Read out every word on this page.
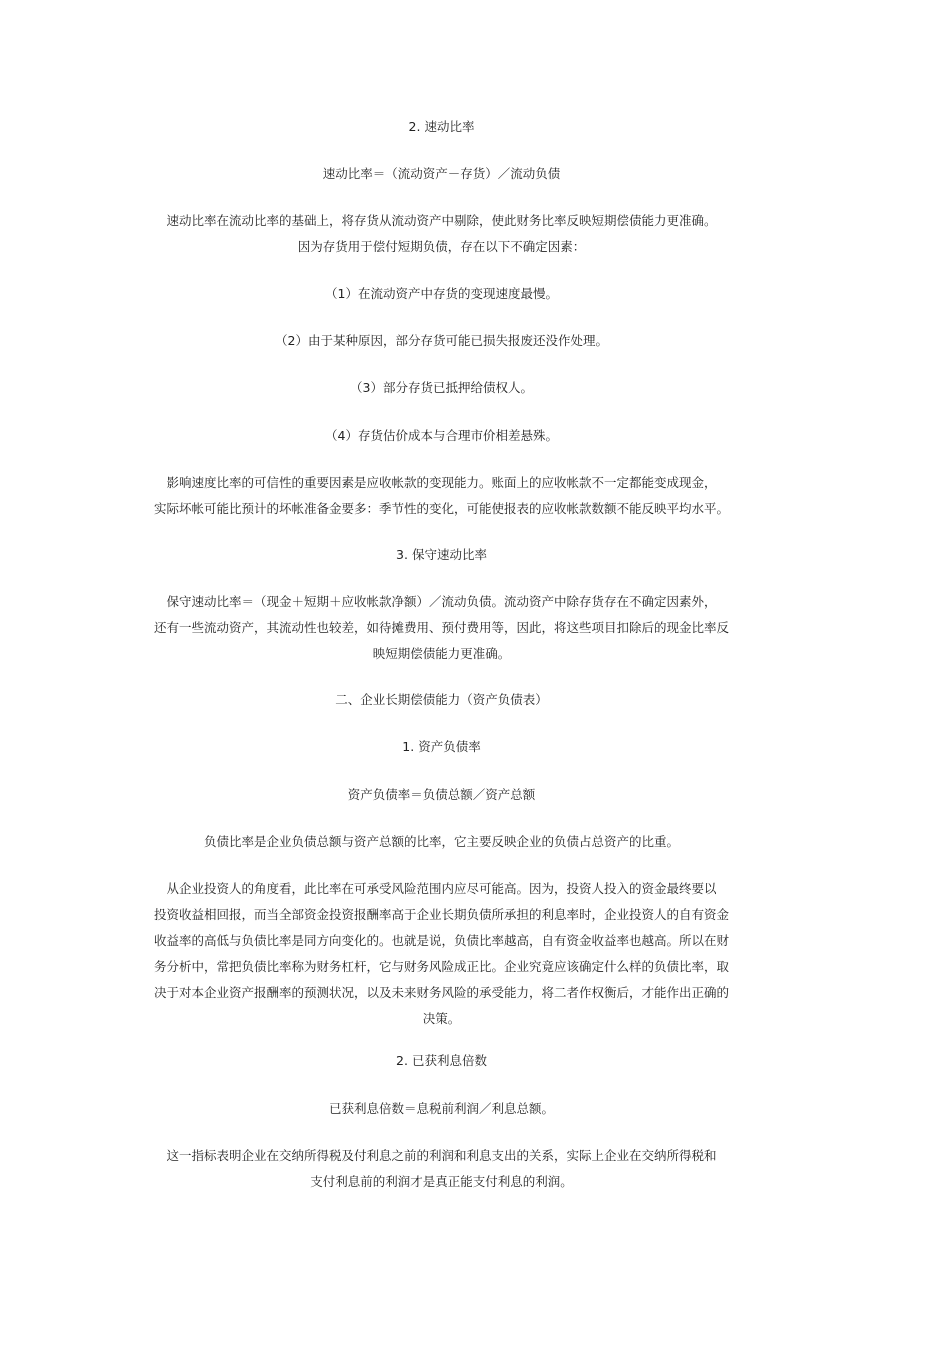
2. 速动比率
速动比率＝（流动资产－存货）／流动负债
速动比率在流动比率的基础上，将存货从流动资产中剔除，使此财务比率反映短期偿债能力更准确。
因为存货用于偿付短期负债，存在以下不确定因素：
（1）在流动资产中存货的变现速度最慢。
（2）由于某种原因，部分存货可能已损失报废还没作处理。
（3）部分存货已抵押给债权人。
（4）存货估价成本与合理市价相差悬殊。
影响速度比率的可信性的重要因素是应收帐款的变现能力。账面上的应收帐款不一定都能变成现金，
实际坏帐可能比预计的坏帐准备金要多：季节性的变化，可能使报表的应收帐款数额不能反映平均水平。
3. 保守速动比率
保守速动比率＝（现金＋短期＋应收帐款净额）／流动负债。流动资产中除存货存在不确定因素外，
还有一些流动资产，其流动性也较差，如待摊费用、预付费用等，因此，将这些项目扣除后的现金比率反
映短期偿债能力更准确。
二、企业长期偿债能力（资产负债表）
1. 资产负债率
资产负债率＝负债总额／资产总额
负债比率是企业负债总额与资产总额的比率，它主要反映企业的负债占总资产的比重。
从企业投资人的角度看，此比率在可承受风险范围内应尽可能高。因为，投资人投入的资金最终要以
投资收益相回报，而当全部资金投资报酬率高于企业长期负债所承担的利息率时，企业投资人的自有资金
收益率的高低与负债比率是同方向变化的。也就是说，负债比率越高，自有资金收益率也越高。所以在财
务分析中，常把负债比率称为财务杠杆，它与财务风险成正比。企业究竟应该确定什么样的负债比率，取
决于对本企业资产报酬率的预测状况，以及未来财务风险的承受能力，将二者作权衡后，才能作出正确的
决策。
2. 已获利息倍数
已获利息倍数＝息税前利润／利息总额。
这一指标表明企业在交纳所得税及付利息之前的利润和利息支出的关系，实际上企业在交纳所得税和
支付利息前的利润才是真正能支付利息的利润。
